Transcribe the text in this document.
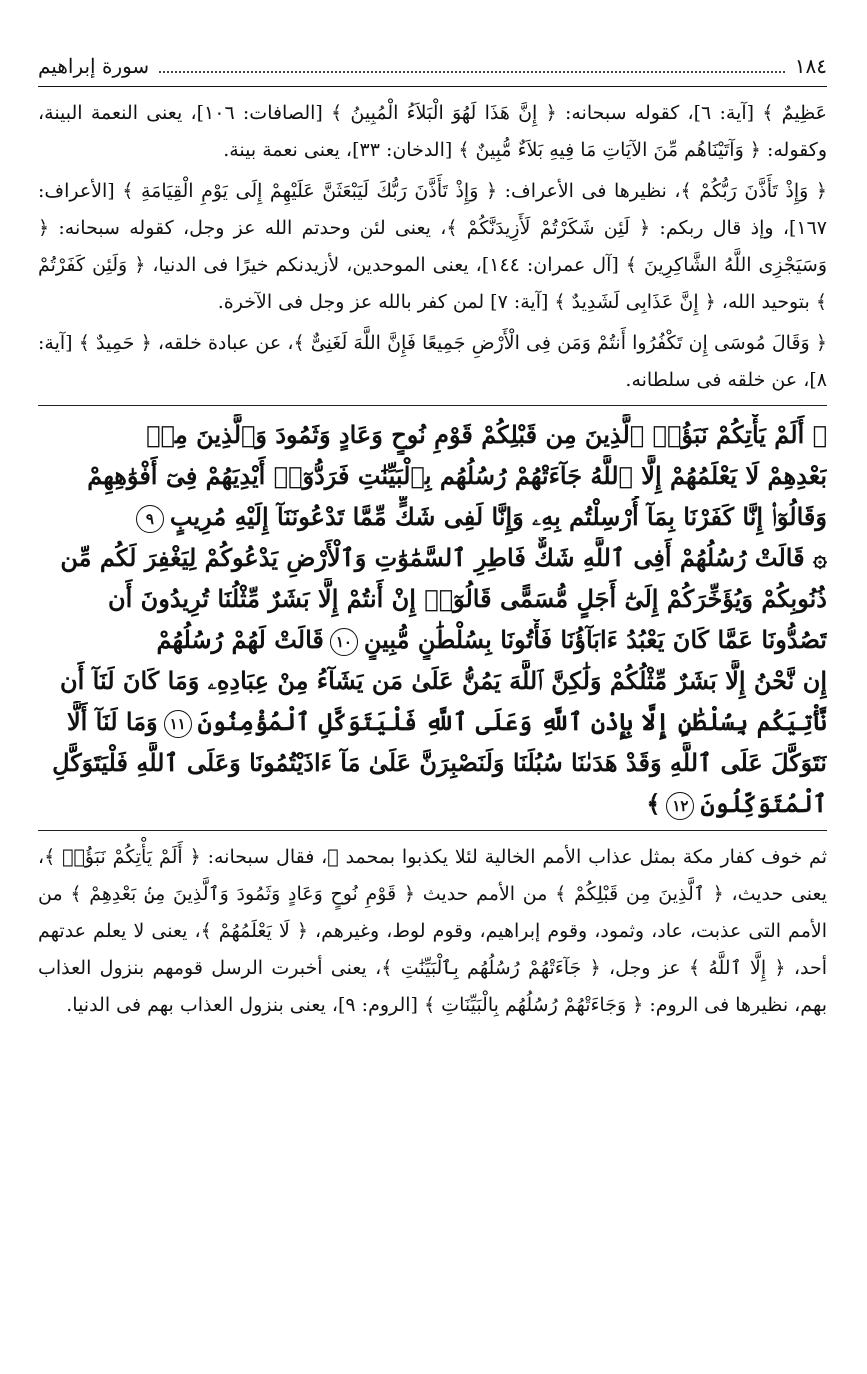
١٨٤
سورة إبراهيم

عَظِيمٌ ﴾ [آية: ٦]، كقوله سبحانه: ﴿ إِنَّ هَذَا لَهُوَ الْبَلاَءُ الْمُبِينُ ﴾ [الصافات: ١٠٦]، يعنى النعمة البينة، وكقوله: ﴿ وَآتَيْنَاهُم مِّنَ الآيَاتِ مَا فِيهِ بَلاَءٌ مُّبِينٌ ﴾ [الدخان: ٣٣]، يعنى نعمة بينة.

﴿ وَإِذْ تَأَذَّنَ رَبُّكُمْ ﴾، نظيرها فى الأعراف: ﴿ وَإِذْ تَأَذَّنَ رَبُّكَ لَيَبْعَثَنَّ عَلَيْهِمْ إِلَى يَوْمِ الْقِيَامَةِ ﴾ [الأعراف: ١٦٧]، وإذ قال ربكم: ﴿ لَئِن شَكَرْتُمْ لَأَزِيدَنَّكُمْ ﴾، يعنى لئن وحدتم الله عز وجل، كقوله سبحانه: ﴿ وَسَيَجْزِى اللَّهُ الشَّاكِرِينَ ﴾ [آل عمران: ١٤٤]، يعنى الموحدين، لأزيدنكم خيرًا فى الدنيا، ﴿ وَلَئِن كَفَرْتُمْ ﴾ بتوحيد الله، ﴿ إِنَّ عَذَابِى لَشَدِيدٌ ﴾ [آية: ٧] لمن كفر بالله عز وجل فى الآخرة.

﴿ وَقَالَ مُوسَى إِن تَكْفُرُوا أَنتُمْ وَمَن فِى الْأَرْضِ جَمِيعًا فَإِنَّ اللَّهَ لَغَنِىٌّ ﴾، عن عبادة خلقه، ﴿ حَمِيدٌ ﴾ [آية: ٨]، عن خلقه فى سلطانه.

﴿ أَلَمْ يَأْتِكُمْ نَبَؤُا۟ ٱلَّذِينَ مِن قَبْلِكُمْ قَوْمِ نُوحٍ وَعَادٍ وَثَمُودَ وَٱلَّذِينَ مِنۢ
بَعْدِهِمْ لَا يَعْلَمُهُمْ إِلَّا ٱللَّهُ جَآءَتْهُمْ رُسُلُهُم بِٱلْبَيِّنَٰتِ فَرَدُّوٓا۟ أَيْدِيَهُمْ فِىٓ أَفْوَٰهِهِمْ
وَقَالُوٓا۟ إِنَّا كَفَرْنَا بِمَآ أُرْسِلْتُم بِهِۦ وَإِنَّا لَفِى شَكٍّ مِّمَّا تَدْعُونَنَآ إِلَيْهِ مُرِيبٍ٩
۞ قَالَتْ رُسُلُهُمْ أَفِى ٱللَّهِ شَكٌّ فَاطِرِ ٱلسَّمَٰوَٰتِ وَٱلْأَرْضِ يَدْعُوكُمْ لِيَغْفِرَ لَكُم مِّن
ذُنُوبِكُمْ وَيُؤَخِّرَكُمْ إِلَىٰٓ أَجَلٍ مُّسَمًّى قَالُوٓا۟ إِنْ أَنتُمْ إِلَّا بَشَرٌ مِّثْلُنَا تُرِيدُونَ أَن
تَصُدُّونَا عَمَّا كَانَ يَعْبُدُ ءَابَآؤُنَا فَأْتُونَا بِسُلْطَٰنٍ مُّبِينٍ١٠قَالَتْ لَهُمْ رُسُلُهُمْ
إِن نَّحْنُ إِلَّا بَشَرٌ مِّثْلُكُمْ وَلَٰكِنَّ ٱللَّهَ يَمُنُّ عَلَىٰ مَن يَشَآءُ مِنْ عِبَادِهِۦ وَمَا كَانَ لَنَآ أَن
نَّأْتِيَكُم بِسُلْطَٰنٍ إِلَّا بِإِذْنِ ٱللَّهِ وَعَلَى ٱللَّهِ فَلْيَتَوَكَّلِ ٱلْمُؤْمِنُونَ١١وَمَا لَنَآ أَلَّا
نَتَوَكَّلَ عَلَى ٱللَّهِ وَقَدْ هَدَىٰنَا سُبُلَنَا وَلَنَصْبِرَنَّ عَلَىٰ مَآ ءَاذَيْتُمُونَا وَعَلَى ٱللَّهِ فَلْيَتَوَكَّلِ
ٱلْمُتَوَكِّلُونَ١٢﴾

ثم خوف كفار مكة بمثل عذاب الأمم الخالية لئلا يكذبوا بمحمد ﷺ، فقال سبحانه: ﴿ أَلَمْ يَأْتِكُمْ نَبَؤُا۟ ﴾، يعنى حديث، ﴿ ٱلَّذِينَ مِن قَبْلِكُمْ ﴾ من الأمم حديث ﴿ قَوْمِ نُوحٍ وَعَادٍ وَثَمُودَ وَٱلَّذِينَ مِنۢ بَعْدِهِمْ ﴾ من الأمم التى عذبت، عاد، وثمود، وقوم إبراهيم، وقوم لوط، وغيرهم، ﴿ لَا يَعْلَمُهُمْ ﴾، يعنى لا يعلم عدتهم أحد، ﴿ إِلَّا ٱللَّهُ ﴾ عز وجل، ﴿ جَآءَتْهُمْ رُسُلُهُم بِٱلْبَيِّنَٰتِ ﴾، يعنى أخبرت الرسل قومهم بنزول العذاب بهم، نظيرها فى الروم: ﴿ وَجَاءَتْهُمْ رُسُلُهُم بِالْبَيِّنَاتِ ﴾ [الروم: ٩]، يعنى بنزول العذاب بهم فى الدنيا.
